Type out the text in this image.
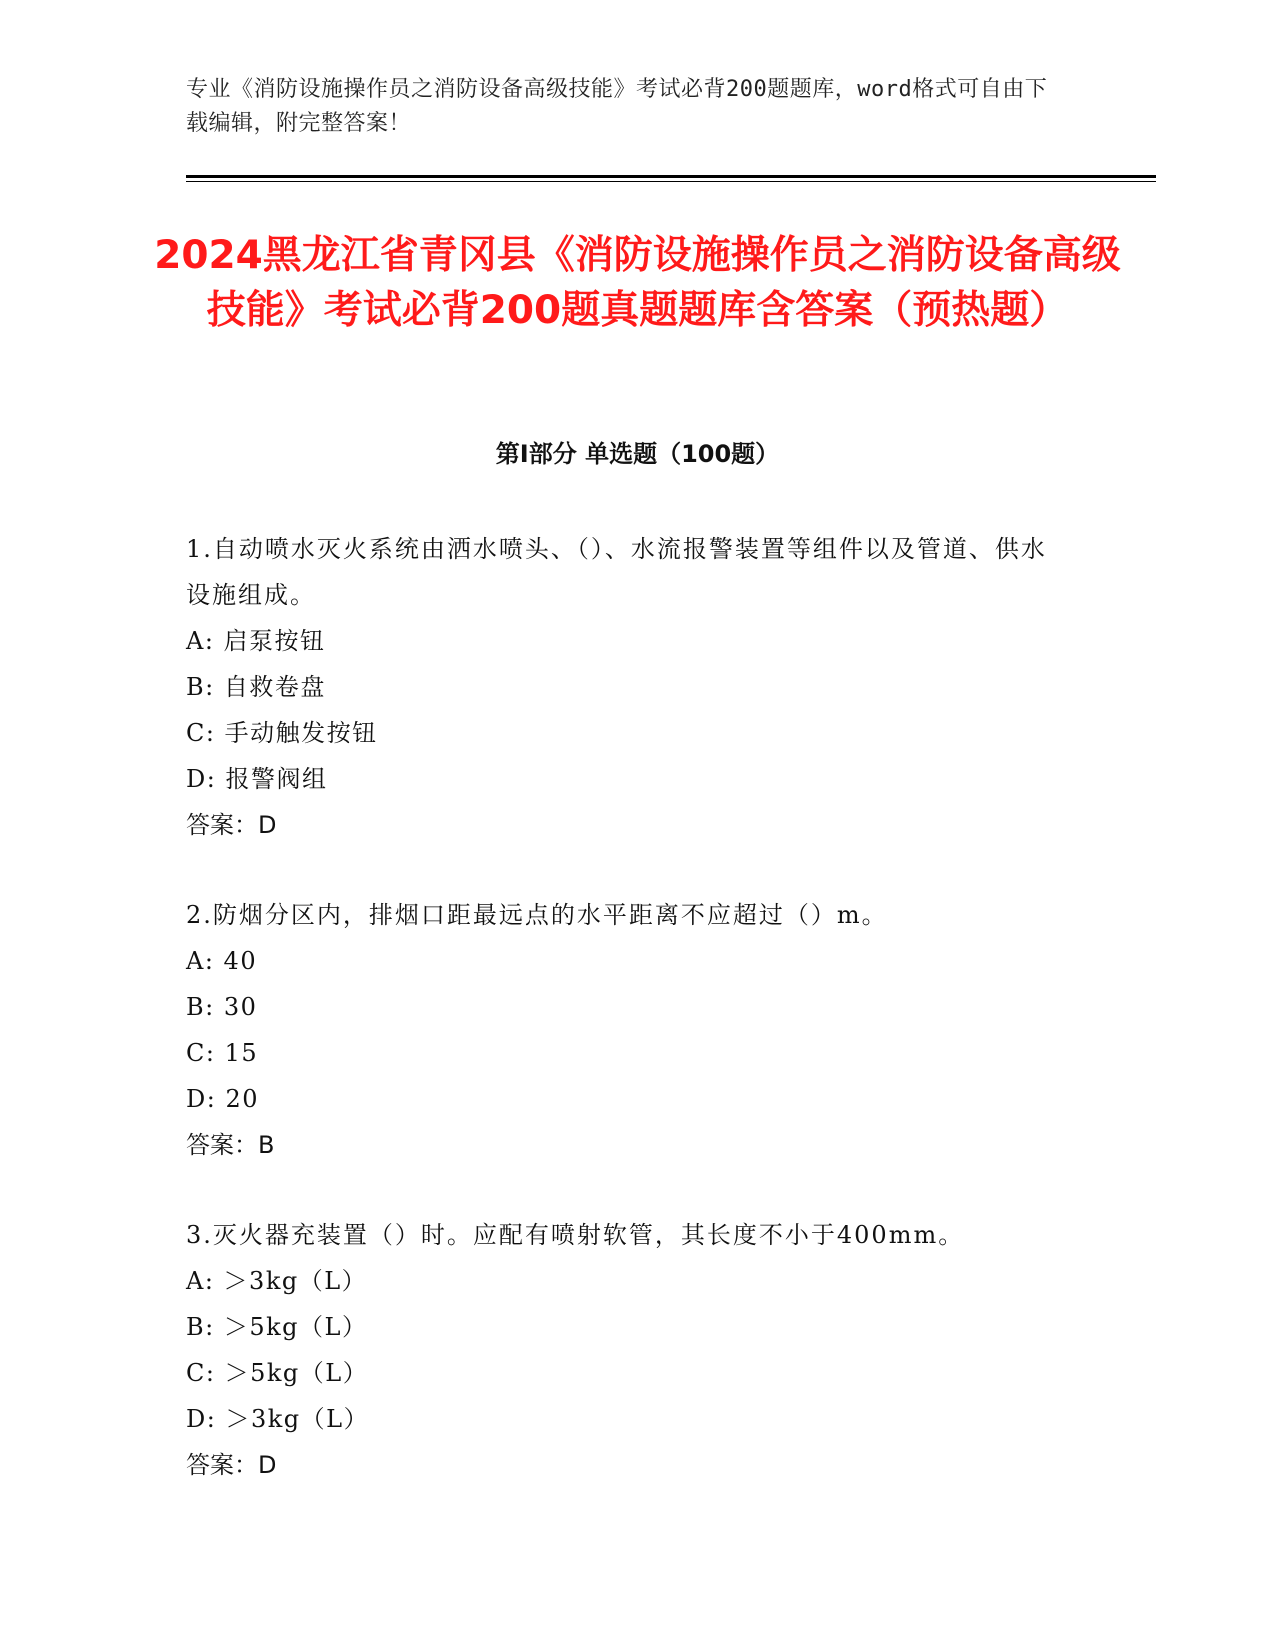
专业《消防设施操作员之消防设备高级技能》考试必背200题题库，word格式可自由下载编辑，附完整答案！
2024黑龙江省青冈县《消防设施操作员之消防设备高级技能》考试必背200题真题题库含答案（预热题）
第Ⅰ部分 单选题（100题）

1.自动喷水灭火系统由洒水喷头、（）、水流报警装置等组件以及管道、供水设施组成。

A: 启泵按钮

B: 自救卷盘

C: 手动触发按钮

D: 报警阀组

答案：D

2.防烟分区内，排烟口距最远点的水平距离不应超过（）m。

A: 40

B: 30

C: 15

D: 20

答案：B

3.灭火器充装置（）时。应配有喷射软管，其长度不小于400mm。

A: ＞3kg（L）

B: ＞5kg（L）

C: ＞5kg（L）

D: ＞3kg（L）

答案：D
